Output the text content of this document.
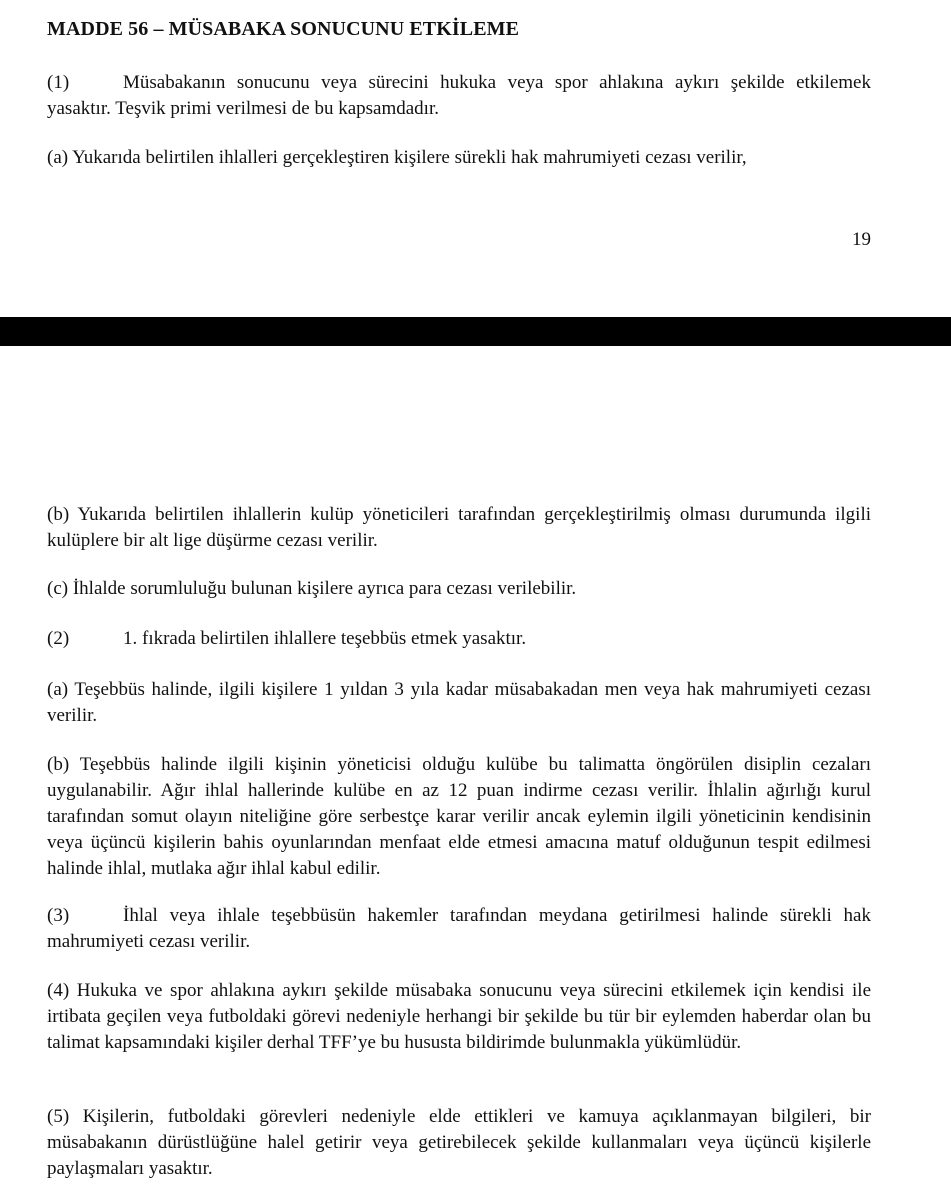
MADDE 56 – MÜSABAKA SONUCUNU ETKİLEME

(1)	Müsabakanın sonucunu veya sürecini hukuka veya spor ahlakına aykırı şekilde etkilemek yasaktır. Teşvik primi verilmesi de bu kapsamdadır.

(a) Yukarıda belirtilen ihlalleri gerçekleştiren kişilere sürekli hak mahrumiyeti cezası verilir,

19

(b) Yukarıda belirtilen ihlallerin kulüp yöneticileri tarafından gerçekleştirilmiş olması durumunda ilgili kulüplere bir alt lige düşürme cezası verilir.

(c) İhlalde sorumluluğu bulunan kişilere ayrıca para cezası verilebilir.

(2)	1. fıkrada belirtilen ihlallere teşebbüs etmek yasaktır.

(a) Teşebbüs halinde, ilgili kişilere 1 yıldan 3 yıla kadar müsabakadan men veya hak mahrumiyeti cezası verilir.

(b) Teşebbüs halinde ilgili kişinin yöneticisi olduğu kulübe bu talimatta öngörülen disiplin cezaları uygulanabilir. Ağır ihlal hallerinde kulübe en az 12 puan indirme cezası verilir. İhlalin ağırlığı kurul tarafından somut olayın niteliğine göre serbestçe karar verilir ancak eylemin ilgili yöneticinin kendisinin veya üçüncü kişilerin bahis oyunlarından menfaat elde etmesi amacına matuf olduğunun tespit edilmesi halinde ihlal, mutlaka ağır ihlal kabul edilir.

(3)	İhlal veya ihlale teşebbüsün hakemler tarafından meydana getirilmesi halinde sürekli hak mahrumiyeti cezası verilir.

(4) Hukuka ve spor ahlakına aykırı şekilde müsabaka sonucunu veya sürecini etkilemek için kendisi ile irtibata geçilen veya futboldaki görevi nedeniyle herhangi bir şekilde bu tür bir eylemden haberdar olan bu talimat kapsamındaki kişiler derhal TFF’ye bu hususta bildirimde bulunmakla yükümlüdür.

(5) Kişilerin, futboldaki görevleri nedeniyle elde ettikleri ve kamuya açıklanmayan bilgileri, bir müsabakanın dürüstlüğüne halel getirir veya getirebilecek şekilde kullanmaları veya üçüncü kişilerle paylaşmaları yasaktır.
